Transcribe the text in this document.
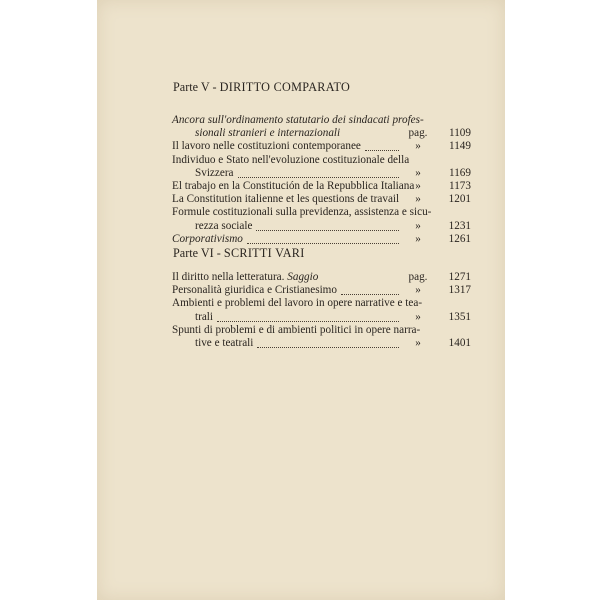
Parte V - DIRITTO COMPARATO
Parte VI - SCRITTI VARI
Ancora sull'ordinamento statutario dei sindacati profes-
sionali stranieri e internazionali	pag.	1109
Il lavoro nelle costituzioni contemporanee	»	1149
Individuo e Stato nell'evoluzione costituzionale della
Svizzera	»	1169
El trabajo en la Constitución de la Repubblica Italiana »	1173
La Constitution italienne et les questions de travail	»	1201
Formule costituzionali sulla previdenza, assistenza e sicu-
rezza sociale	»	1231
Corporativismo	»	1261
Il diritto nella letteratura. Saggio	pag.	1271
Personalità giuridica e Cristianesimo	»	1317
Ambienti e problemi del lavoro in opere narrative e tea-
trali	»	1351
Spunti di problemi e di ambienti politici in opere narra-
tive e teatrali	»	1401
